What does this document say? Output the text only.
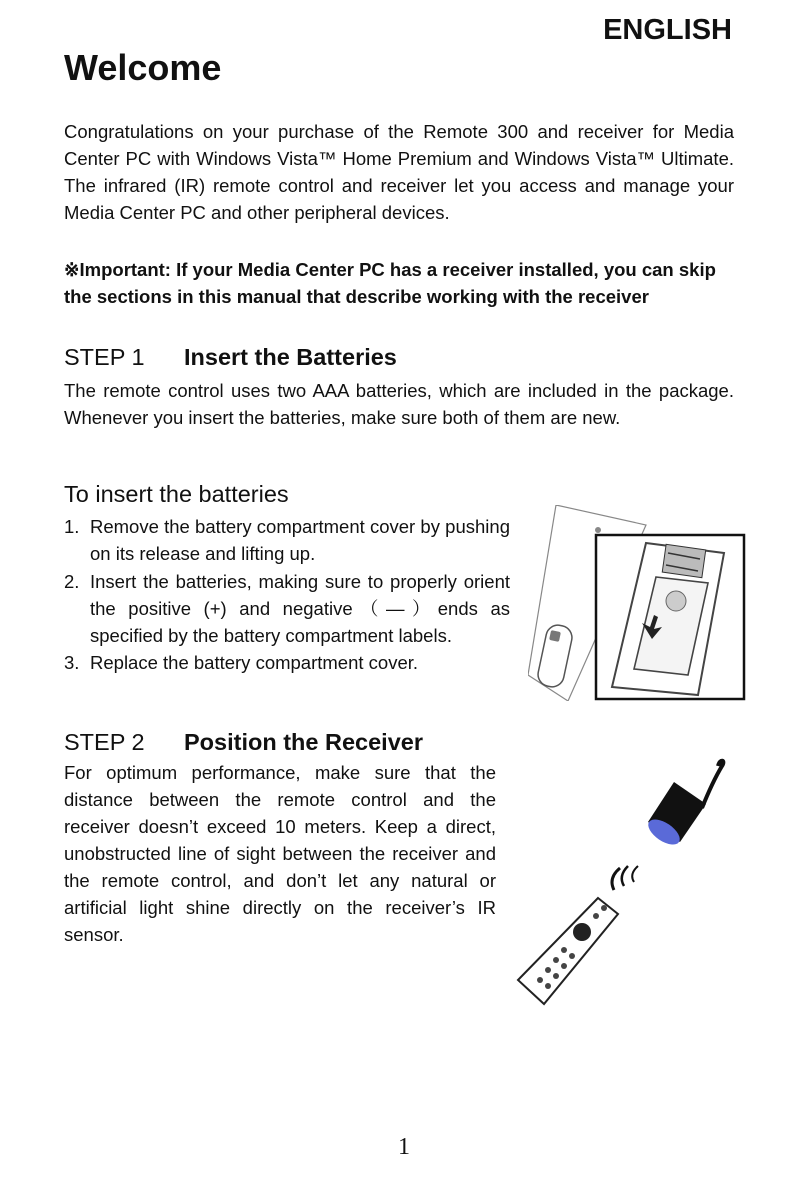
ENGLISH
Welcome

Congratulations on your purchase of the Remote 300 and receiver for Media Center PC with Windows Vista™ Home Premium and Windows Vista™ Ultimate. The infrared (IR) remote control and receiver let you access and manage your Media Center PC and other peripheral devices.

※Important: If your Media Center PC has a receiver installed, you can skip the sections in this manual that describe working with the receiver

STEP 1 Insert the Batteries

The remote control uses two AAA batteries, which are included in the package. Whenever you insert the batteries, make sure both of them are new.

To insert the batteries
1. Remove the battery compartment cover by pushing on its release and lifting up.
2. Insert the batteries, making sure to properly orient the positive (+) and negative（—）ends as specified by the battery compartment labels.
3. Replace the battery compartment cover.
STEP 2 Position the Receiver

For optimum performance, make sure that the distance between the remote control and the receiver doesn’t exceed 10 meters. Keep a direct, unobstructed line of sight between the receiver and the remote control, and don’t let any natural or artificial light shine directly on the receiver’s IR sensor.

1
